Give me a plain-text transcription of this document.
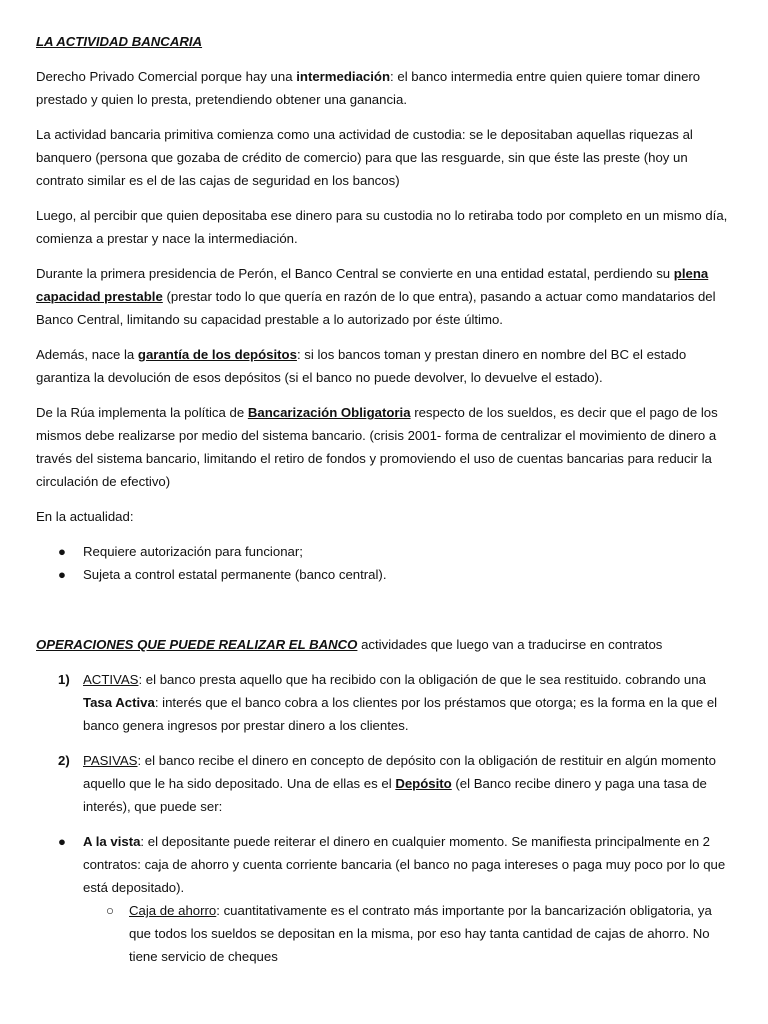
LA ACTIVIDAD BANCARIA

Derecho Privado Comercial porque hay una intermediación: el banco intermedia entre quien quiere tomar dinero prestado y quien lo presta, pretendiendo obtener una ganancia.

La actividad bancaria primitiva comienza como una actividad de custodia: se le depositaban aquellas riquezas al banquero (persona que gozaba de crédito de comercio) para que las resguarde, sin que éste las preste (hoy un contrato similar es el de las cajas de seguridad en los bancos)

Luego, al percibir que quien depositaba ese dinero para su custodia no lo retiraba todo por completo en un mismo día, comienza a prestar y nace la intermediación.

Durante la primera presidencia de Perón, el Banco Central se convierte en una entidad estatal, perdiendo su plena capacidad prestable (prestar todo lo que quería en razón de lo que entra), pasando a actuar como mandatarios del Banco Central, limitando su capacidad prestable a lo autorizado por éste último.

Además, nace la garantía de los depósitos: si los bancos toman y prestan dinero en nombre del BC el estado garantiza la devolución de esos depósitos (si el banco no puede devolver, lo devuelve el estado).

De la Rúa implementa la política de Bancarización Obligatoria respecto de los sueldos, es decir que el pago de los mismos debe realizarse por medio del sistema bancario. (crisis 2001- forma de centralizar el movimiento de dinero a través del sistema bancario, limitando el retiro de fondos y promoviendo el uso de cuentas bancarias para reducir la circulación de efectivo)

En la actualidad:

● Requiere autorización para funcionar;
● Sujeta a control estatal permanente (banco central).

OPERACIONES QUE PUEDE REALIZAR EL BANCO actividades que luego van a traducirse en contratos

1) ACTIVAS: el banco presta aquello que ha recibido con la obligación de que le sea restituido. cobrando una Tasa Activa: interés que el banco cobra a los clientes por los préstamos que otorga; es la forma en la que el banco genera ingresos por prestar dinero a los clientes.
2) PASIVAS: el banco recibe el dinero en concepto de depósito con la obligación de restituir en algún momento aquello que le ha sido depositado. Una de ellas es el Depósito (el Banco recibe dinero y paga una tasa de interés), que puede ser:
● A la vista: el depositante puede reiterar el dinero en cualquier momento. Se manifiesta principalmente en 2 contratos: caja de ahorro y cuenta corriente bancaria (el banco no paga intereses o paga muy poco por lo que está depositado).
○ Caja de ahorro: cuantitativamente es el contrato más importante por la bancarización obligatoria, ya que todos los sueldos se depositan en la misma, por eso hay tanta cantidad de cajas de ahorro. No tiene servicio de cheques
